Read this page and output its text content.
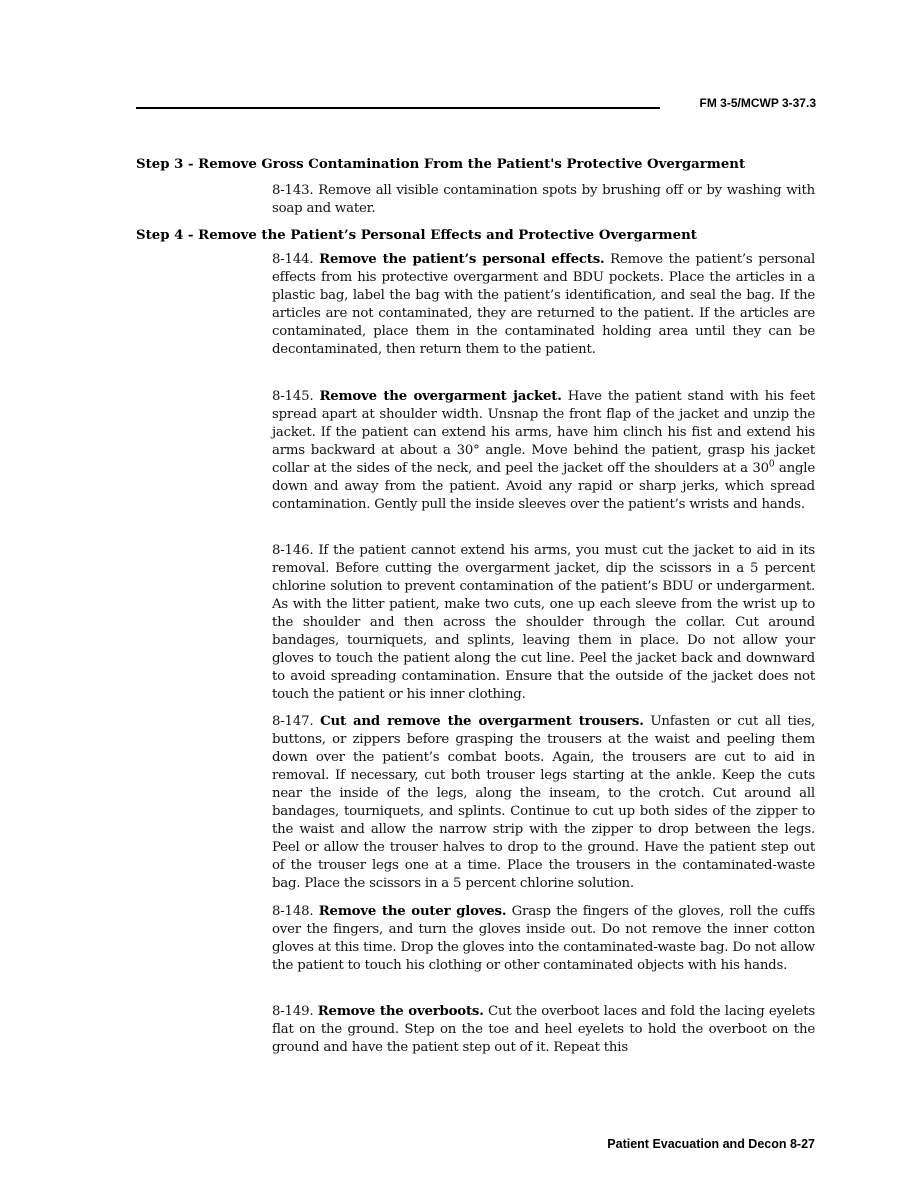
FM 3-5/MCWP 3-37.3
Step 3 - Remove Gross Contamination From the Patient's Protective Overgarment
8-143. Remove all visible contamination spots by brushing off or by washing with soap and water.
Step 4 - Remove the Patient’s Personal Effects and Protective Overgarment
8-144. Remove the patient’s personal effects. Remove the patient’s personal effects from his protective overgarment and BDU pockets. Place the articles in a plastic bag, label the bag with the patient’s identification, and seal the bag. If the articles are not contaminated, they are returned to the patient. If the articles are contaminated, place them in the contaminated holding area until they can be decontaminated, then return them to the patient.
8-145. Remove the overgarment jacket. Have the patient stand with his feet spread apart at shoulder width. Unsnap the front flap of the jacket and unzip the jacket. If the patient can extend his arms, have him clinch his fist and extend his arms backward at about a 30° angle. Move behind the patient, grasp his jacket collar at the sides of the neck, and peel the jacket off the shoulders at a $30^0$ angle down and away from the patient. Avoid any rapid or sharp jerks, which spread contamination. Gently pull the inside sleeves over the patient’s wrists and hands.
8-146. If the patient cannot extend his arms, you must cut the jacket to aid in its removal. Before cutting the overgarment jacket, dip the scissors in a 5 percent chlorine solution to prevent contamination of the patient’s BDU or undergarment. As with the litter patient, make two cuts, one up each sleeve from the wrist up to the shoulder and then across the shoulder through the collar. Cut around bandages, tourniquets, and splints, leaving them in place. Do not allow your gloves to touch the patient along the cut line. Peel the jacket back and downward to avoid spreading contamination. Ensure that the outside of the jacket does not touch the patient or his inner clothing.
8-147. Cut and remove the overgarment trousers. Unfasten or cut all ties, buttons, or zippers before grasping the trousers at the waist and peeling them down over the patient’s combat boots. Again, the trousers are cut to aid in removal. If necessary, cut both trouser legs starting at the ankle. Keep the cuts near the inside of the legs, along the inseam, to the crotch. Cut around all bandages, tourniquets, and splints. Continue to cut up both sides of the zipper to the waist and allow the narrow strip with the zipper to drop between the legs. Peel or allow the trouser halves to drop to the ground. Have the patient step out of the trouser legs one at a time. Place the trousers in the contaminated-waste bag. Place the scissors in a 5 percent chlorine solution.
8-148. Remove the outer gloves. Grasp the fingers of the gloves, roll the cuffs over the fingers, and turn the gloves inside out. Do not remove the inner cotton gloves at this time. Drop the gloves into the contaminated-waste bag. Do not allow the patient to touch his clothing or other contaminated objects with his hands.
8-149. Remove the overboots. Cut the overboot laces and fold the lacing eyelets flat on the ground. Step on the toe and heel eyelets to hold the overboot on the ground and have the patient step out of it. Repeat this
Patient Evacuation and Decon 8-27
